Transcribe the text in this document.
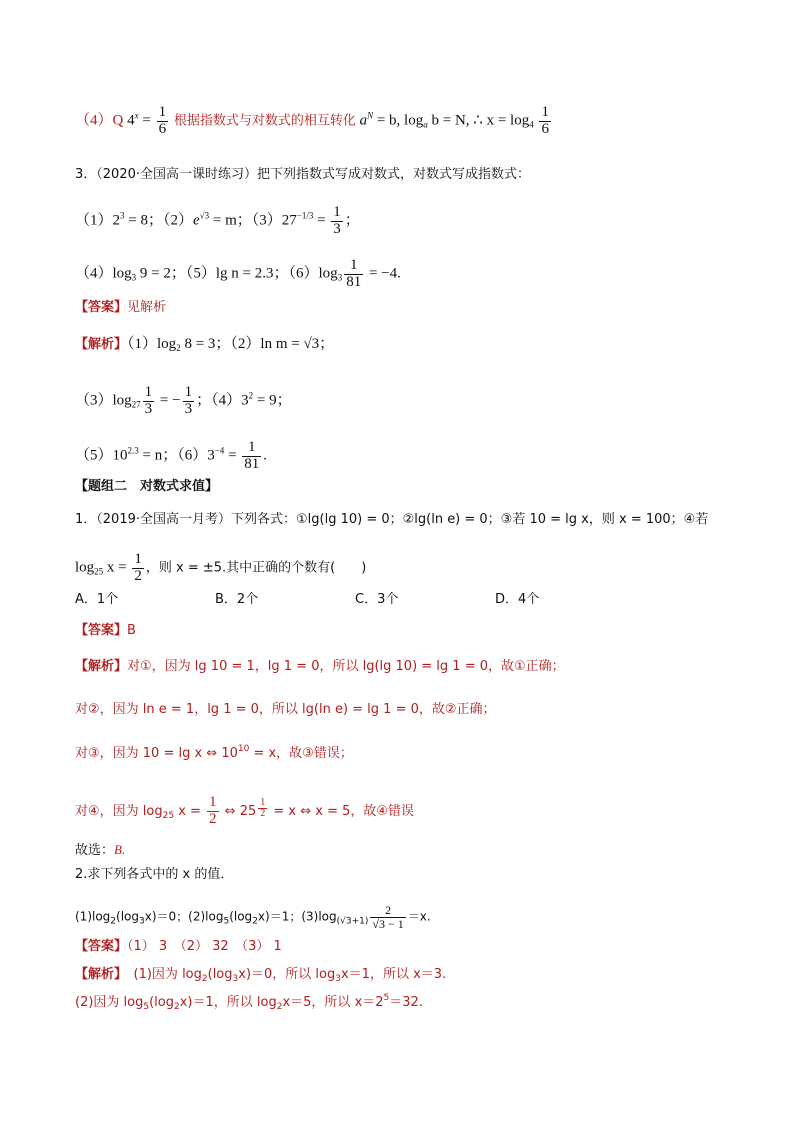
（4）Q $4^x = \frac{1}{6}$ 根据指数式与对数式的相互转化 $a^N = b$, $\log_a b = N$, ∴ $x = \log_4 \frac{1}{6}$
3．（2020·全国高一课时练习）把下列指数式写成对数式，对数式写成指数式：
$(1)2^3 = 8$；$(2)e^{√3} = m$；$(3)27^{-1/3} = \frac{1}{3}$ ；
$(4)\log_3$ 9 = 2；（5）lg n = 2.3；$(6)\log_3 \frac{1}{81} = -4$.
【答案】见解析
【解析】$(1)\log_2$ 8 = 3；（2）ln m = √3；
$(3)\log_{27} \frac{1}{3}$ = − $\frac{1}{3}$ ；$(4)3^2 = 9$；
$(5)10^{2.3} = n$；$(6)3^{-4} = \frac{1}{81}$ .
【题组二　对数式求值】
1．（2019·全国高一月考）下列各式：①lg(lg 10) = 0；②lg(ln e) = 0；③若 10 = lg x，则 x = 100；④若
$\log_{25} x = \frac{1}{2}$ ，则 x = ±5.其中正确的个数有(　　)
A．1个	B．2个	C．3个	D．4个
【答案】B
【解析】对①，因为 lg 10 = 1，lg 1 = 0，所以 lg(lg 10) = lg 1 = 0，故①正确；
对②，因为 ln e = 1，lg 1 = 0，所以 lg(ln e) = lg 1 = 0，故②正确；
对③，因为 10 = lg x ⇔ $10^{10} = x$，故③错误；
对④，因为 $\log_{25} x = \frac{1}{2}$ ⇔ $25 \frac{1}{2} = x$ ⇔ x = 5，故④错误
故选：B.
2.求下列各式中的 x 的值．
$(1)\log_2(\log_3x)=0$；$(2)\log_5(\log_2x)=1$；$(3)\log_{(√3+1)} \frac{2}{√3 - 1} =x$.
【答案】（1） 3　（2） 32　（3） 1
【解析】　(1)因为 $\log_2(\log_3x)=0$，所以 $\log_3x=1$，所以 x＝3.
(2)因为 $\log_5(\log_2x)=1$，所以 $\log_2x=5$，所以 $x=2^5=32$.
